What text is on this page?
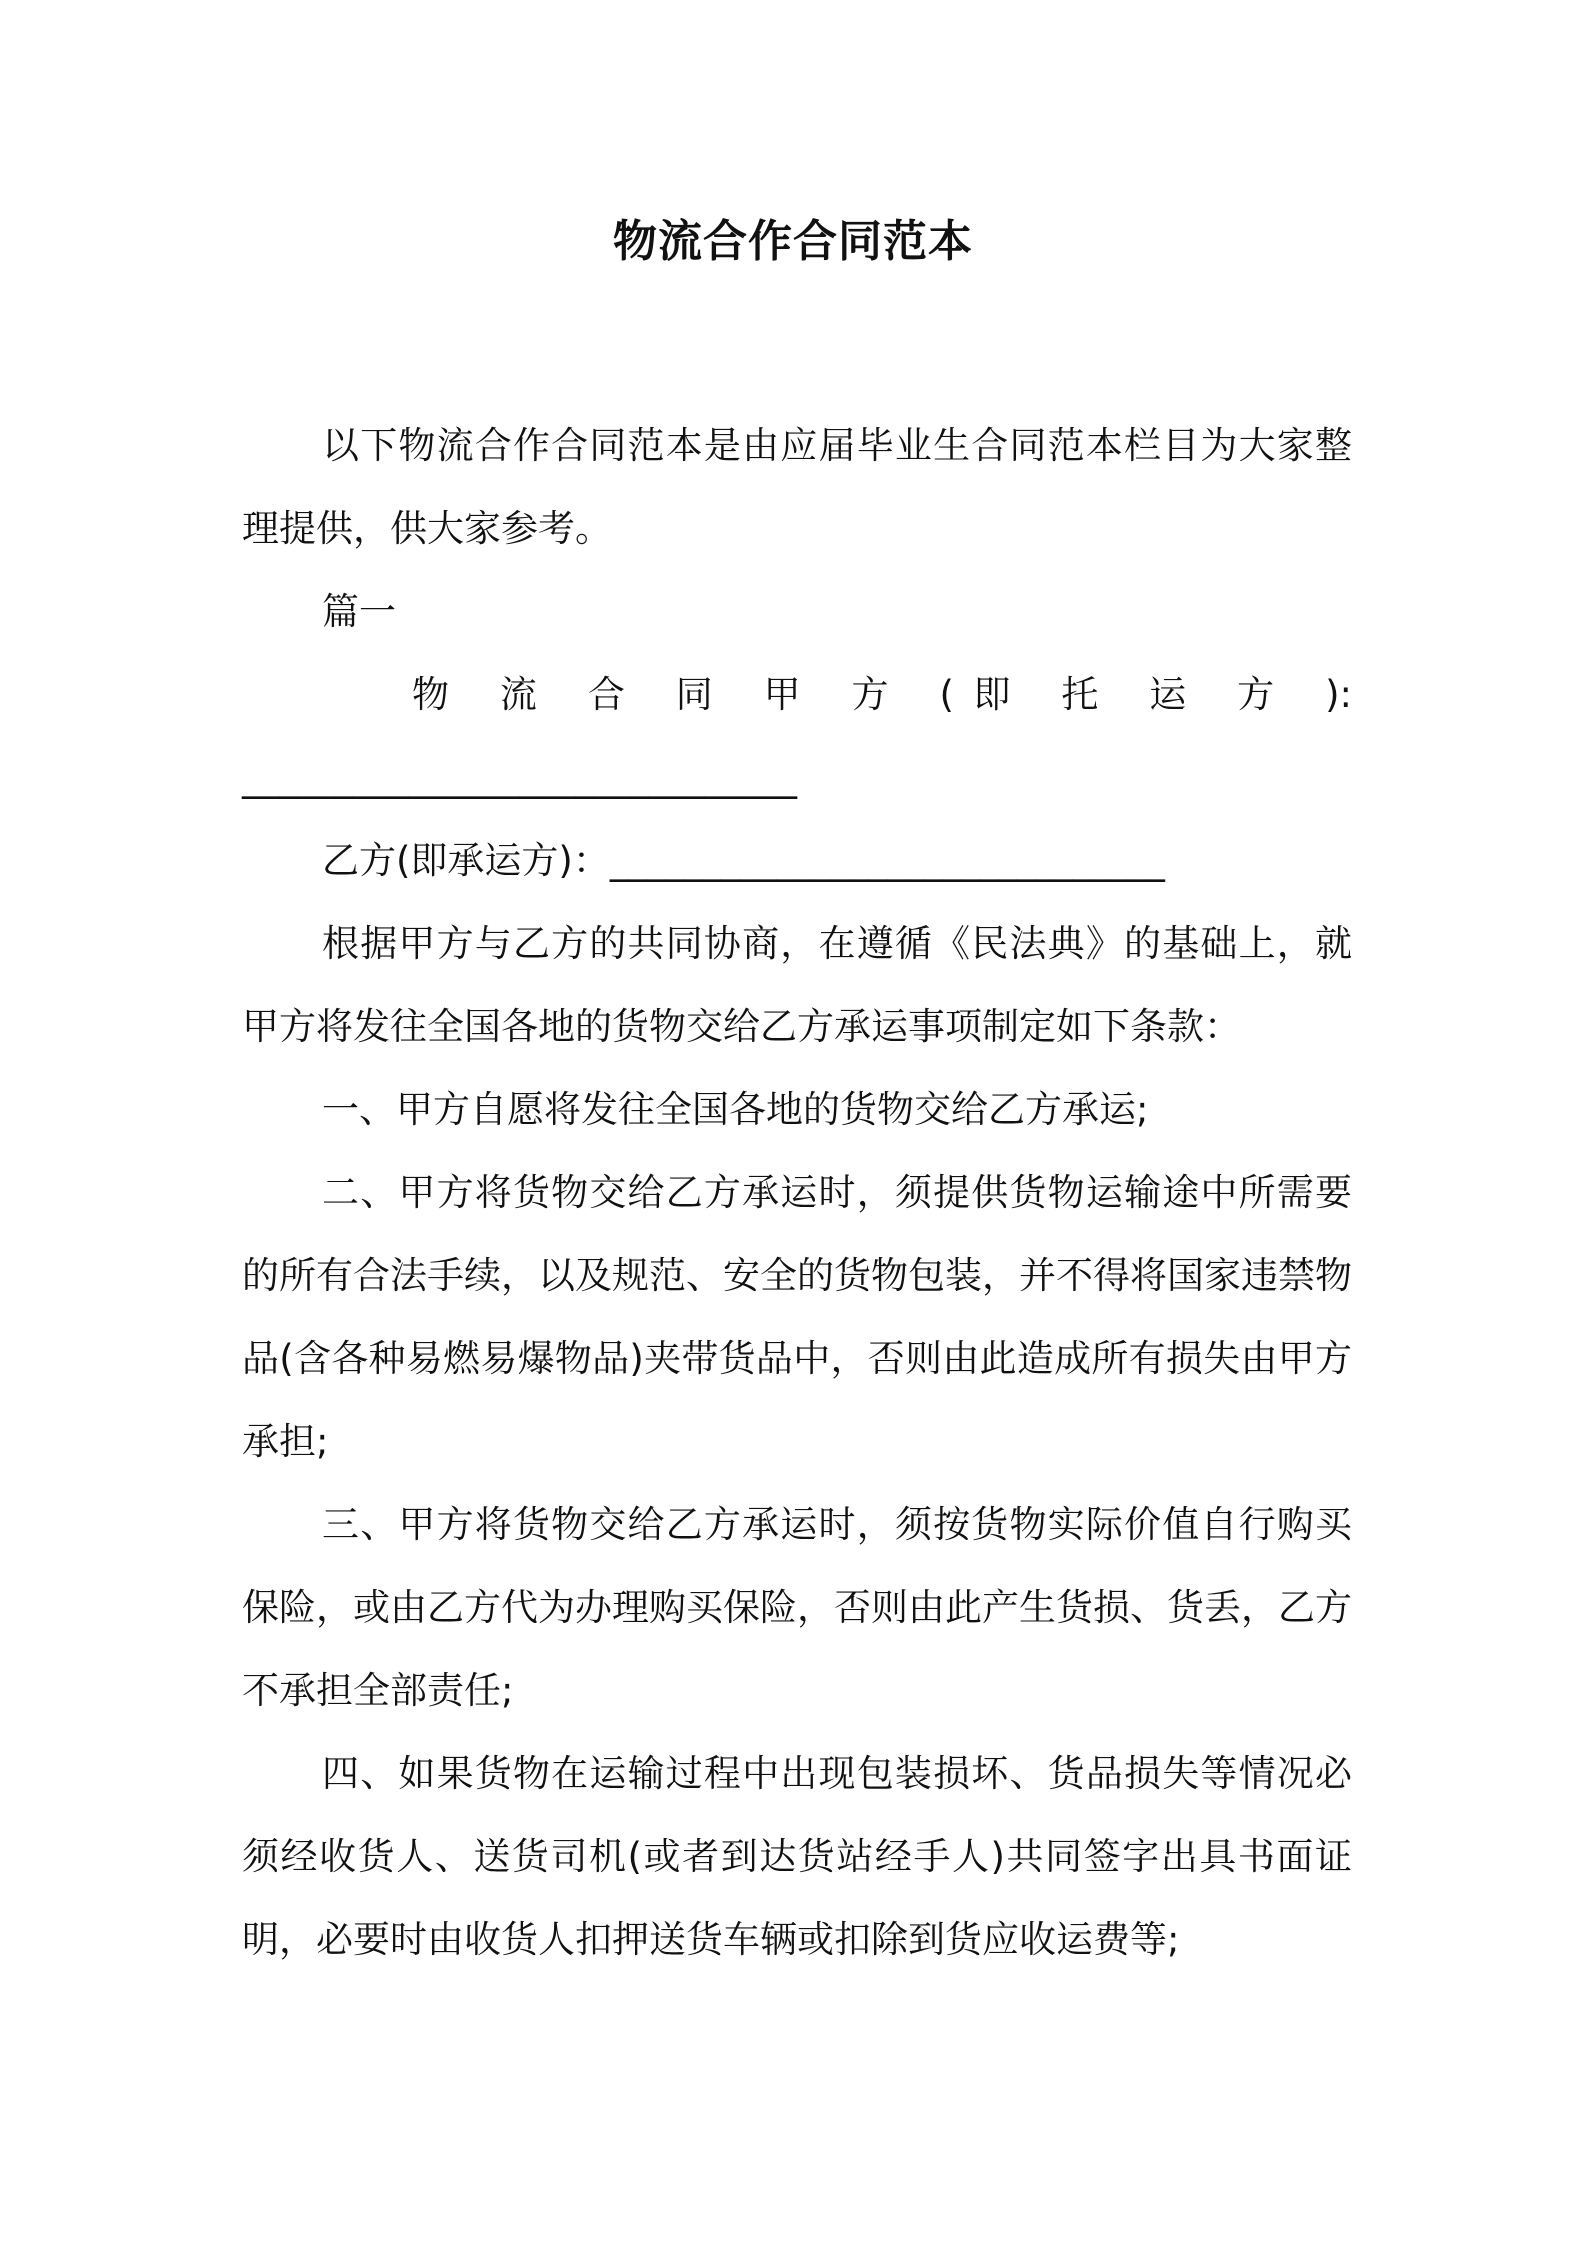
物流合作合同范本

以下物流合作合同范本是由应届毕业生合同范本栏目为大家整理提供，供大家参考。

篇一

物 流 合 同 甲 方 (即 托 运 方 ):

______________________________

乙方(即承运方)：______________________________

根据甲方与乙方的共同协商，在遵循《民法典》的基础上，就甲方将发往全国各地的货物交给乙方承运事项制定如下条款：

一、甲方自愿将发往全国各地的货物交给乙方承运;

二、甲方将货物交给乙方承运时，须提供货物运输途中所需要的所有合法手续，以及规范、安全的货物包装，并不得将国家违禁物品(含各种易燃易爆物品)夹带货品中，否则由此造成所有损失由甲方承担;

三、甲方将货物交给乙方承运时，须按货物实际价值自行购买保险，或由乙方代为办理购买保险，否则由此产生货损、货丢，乙方不承担全部责任;

四、如果货物在运输过程中出现包装损坏、货品损失等情况必须经收货人、送货司机(或者到达货站经手人)共同签字出具书面证明，必要时由收货人扣押送货车辆或扣除到货应收运费等;
